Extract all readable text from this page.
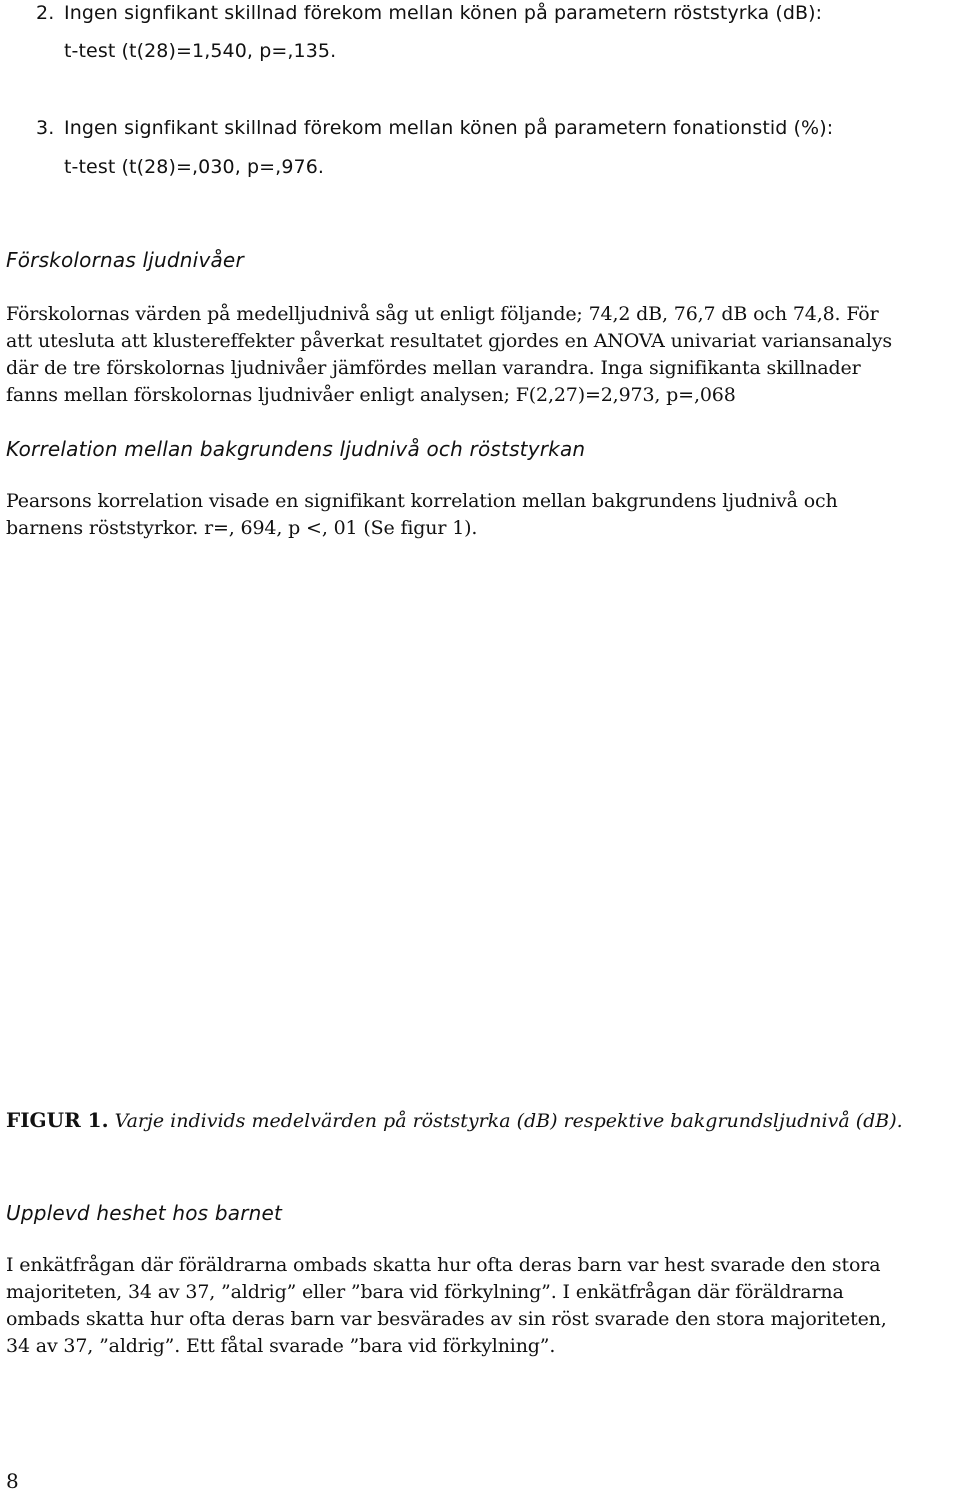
2. Ingen signfikant skillnad förekom mellan könen på parametern röststyrka (dB):
t-test (t(28)=1,540, p=,135.
3. Ingen signfikant skillnad förekom mellan könen på parametern fonationstid (%):
t-test (t(28)=,030, p=,976.
Förskolornas ljudnivåer
Förskolornas värden på medelljudnivå såg ut enligt följande; 74,2 dB, 76,7 dB och 74,8. För
att utesluta att klustereffekter påverkat resultatet gjordes en ANOVA univariat variansanalys
där de tre förskolornas ljudnivåer jämfördes mellan varandra. Inga signifikanta skillnader
fanns mellan förskolornas ljudnivåer enligt analysen; F(2,27)=2,973, p=,068
Korrelation mellan bakgrundens ljudnivå och röststyrkan
Pearsons korrelation visade en signifikant korrelation mellan bakgrundens ljudnivå och
barnens röststyrkor. r=, 694, p <, 01 (Se figur 1).
FIGUR 1. Varje individs medelvärden på röststyrka (dB) respektive bakgrundsljudnivå (dB).
Upplevd heshet hos barnet
I enkätfrågan där föräldrarna ombads skatta hur ofta deras barn var hest svarade den stora
majoriteten, 34 av 37, ”aldrig” eller ”bara vid förkylning”. I enkätfrågan där föräldrarna
ombads skatta hur ofta deras barn var besvärades av sin röst svarade den stora majoriteten,
34 av 37, ”aldrig”. Ett fåtal svarade ”bara vid förkylning”.
8
